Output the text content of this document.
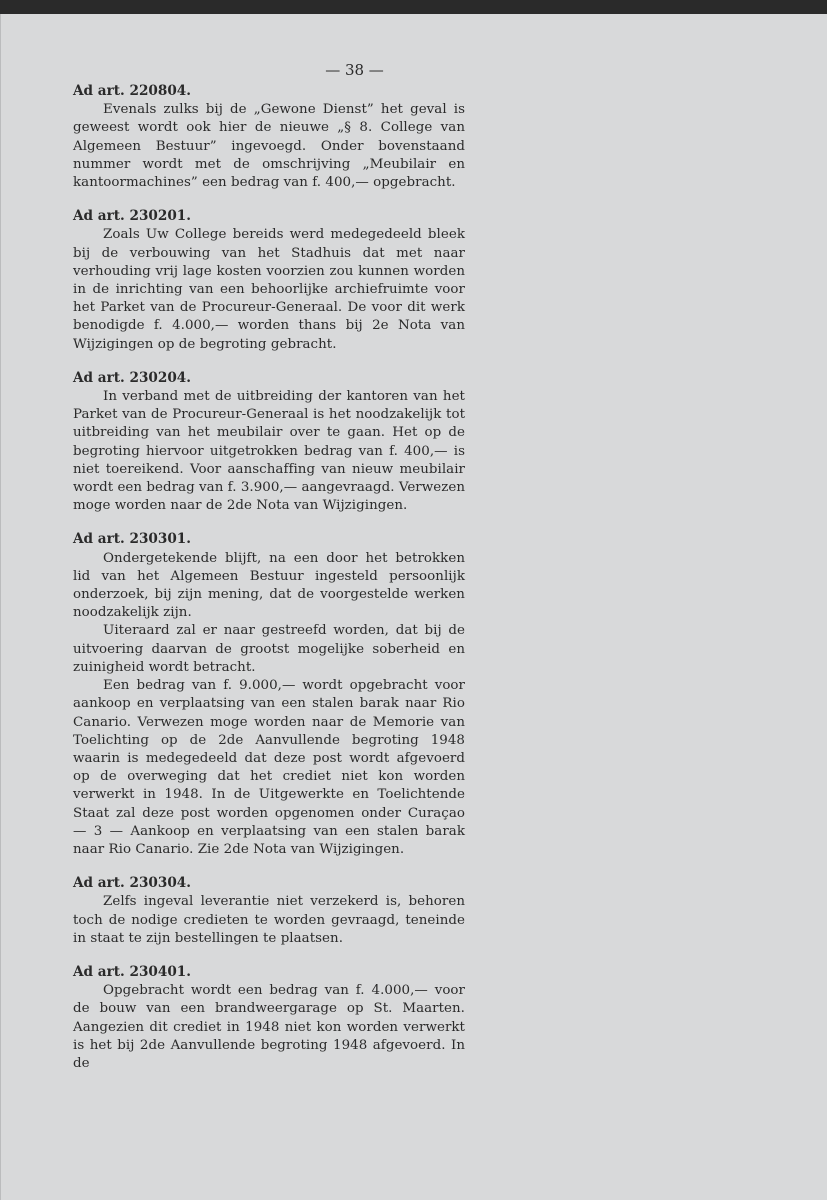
— 38 —
Ad art. 220804.

Evenals zulks bij de „Gewone Dienst” het geval is geweest wordt ook hier de nieuwe „§ 8. College van Algemeen Bestuur” ingevoegd. Onder bovenstaand nummer wordt met de omschrijving „Meubilair en kantoormachines” een bedrag van f. 400,— opgebracht.

Ad art. 230201.

Zoals Uw College bereids werd medegedeeld bleek bij de verbouwing van het Stadhuis dat met naar verhouding vrij lage kosten voorzien zou kunnen worden in de inrichting van een behoorlijke archiefruimte voor het Parket van de Procureur-Generaal. De voor dit werk benodigde f. 4.000,— worden thans bij 2e Nota van Wijzigingen op de begroting gebracht.

Ad art. 230204.

In verband met de uitbreiding der kantoren van het Parket van de Procureur-Generaal is het noodzakelijk tot uitbreiding van het meubilair over te gaan. Het op de begroting hiervoor uitgetrokken bedrag van f. 400,— is niet toereikend. Voor aanschaffing van nieuw meubilair wordt een bedrag van f. 3.900,— aangevraagd. Verwezen moge worden naar de 2de Nota van Wijzigingen.

Ad art. 230301.

Ondergetekende blijft, na een door het betrokken lid van het Algemeen Bestuur ingesteld persoonlijk onderzoek, bij zijn mening, dat de voorgestelde werken noodzakelijk zijn.

Uiteraard zal er naar gestreefd worden, dat bij de uitvoering daarvan de grootst mogelijke soberheid en zuinigheid wordt betracht.

Een bedrag van f. 9.000,— wordt opgebracht voor aankoop en verplaatsing van een stalen barak naar Rio Canario. Verwezen moge worden naar de Memorie van Toelichting op de 2de Aanvullende begroting 1948 waarin is medegedeeld dat deze post wordt afgevoerd op de overweging dat het crediet niet kon worden verwerkt in 1948. In de Uitgewerkte en Toelichtende Staat zal deze post worden opgenomen onder Curaçao — 3 — Aankoop en verplaatsing van een stalen barak naar Rio Canario. Zie 2de Nota van Wijzigingen.

Ad art. 230304.

Zelfs ingeval leverantie niet verzekerd is, behoren toch de nodige credieten te worden gevraagd, teneinde in staat te zijn bestellingen te plaatsen.

Ad art. 230401.

Opgebracht wordt een bedrag van f. 4.000,— voor de bouw van een brandweergarage op St. Maarten. Aangezien dit crediet in 1948 niet kon worden verwerkt is het bij 2de Aanvullende begroting 1948 afgevoerd. In de
